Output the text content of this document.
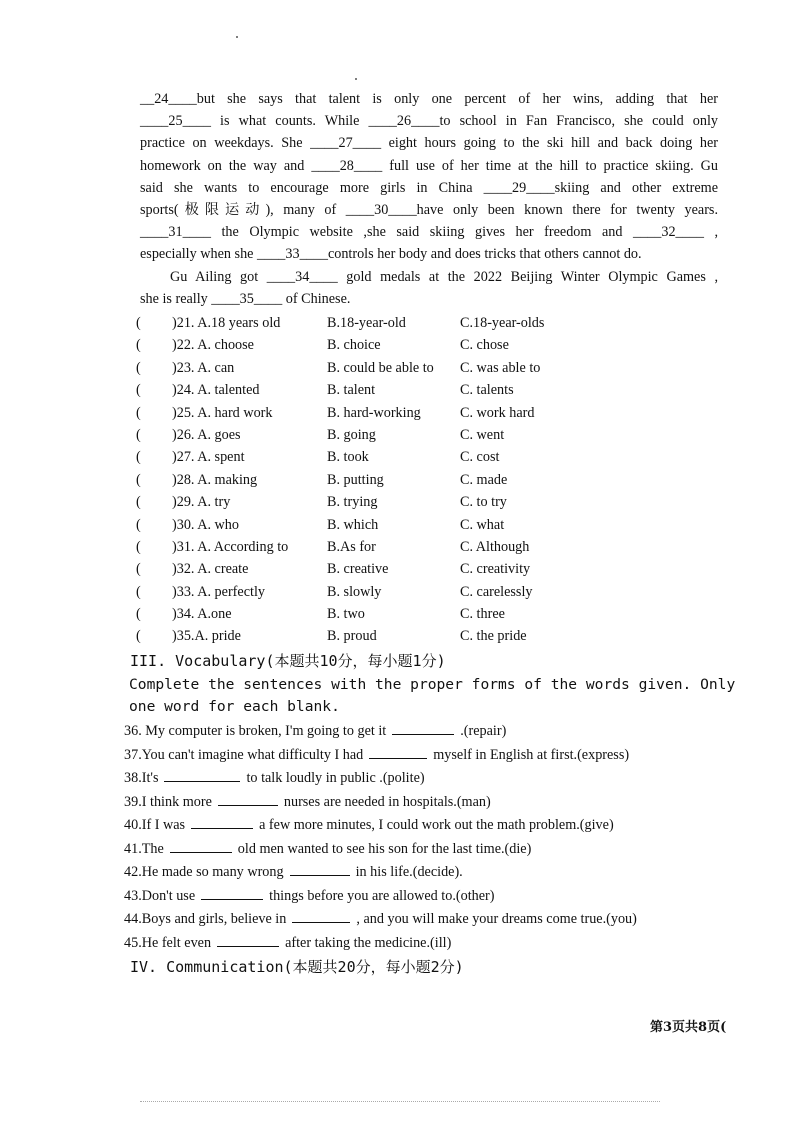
__24____but she says that talent is only one percent of her wins, adding that her
____25____ is what counts. While ____26____to school in Fan Francisco, she could only
practice on weekdays. She ____27____ eight hours going to the ski hill and back doing her
homework on the way and ____28____ full use of her time at the hill to practice skiing. Gu
said she wants to encourage more girls in China ____29____skiing and other extreme
sports(极限运动), many of ____30____have only been known there for twenty years.
____31____ the Olympic website ,she said skiing gives her freedom and ____32____ ,
especially when she ____33____controls her body and does tricks that others cannot do.
Gu Ailing got ____34____ gold medals at the 2022 Beijing Winter Olympic Games ,
she is really ____35____ of Chinese.
( )21. A.18 years old	B.18-year-old	C.18-year-olds
( )22. A. choose	B. choice	C. chose
( )23. A. can	B. could be able to C. was able to
( )24. A. talented	B. talent	C. talents
( )25. A. hard work	B. hard-working	C. work hard
( )26. A. goes	B. going	C. went
( )27. A. spent	B. took	C. cost
( )28. A. making	B. putting	C. made
( )29. A. try	B. trying	C. to try
( )30. A. who	B. which	C. what
( )31. A. According to	B.As for	C. Although
( )32. A. create	B. creative	C. creativity
( )33. A. perfectly	B. slowly	C. carelessly
( )34. A.one	B. two	C. three
( )35.A. pride	B. proud	C. the pride
III. Vocabulary(本题共10分，每小题1分)
Complete the sentences with the proper forms of the words given. Only
one word for each blank.
36. My computer is broken, I'm going to get it	.(repair)
37.You can't imagine what difficulty I had	myself in English at first.(express)
38.It's	to talk loudly in public .(polite)
39.I think more	nurses are needed in hospitals.(man)
40.If I was	a few more minutes, I could work out the math problem.(give)
41.The	old men wanted to see his son for the last time.(die)
42.He made so many wrong	in his life.(decide).
43.Don't use	things before you are allowed to.(other)
44.Boys and girls, believe in	, and you will make your dreams come true.(you)
45.He felt even	after taking the medicine.(ill)
IV. Communication(本题共20分，每小题2分)
第3页共8页(
